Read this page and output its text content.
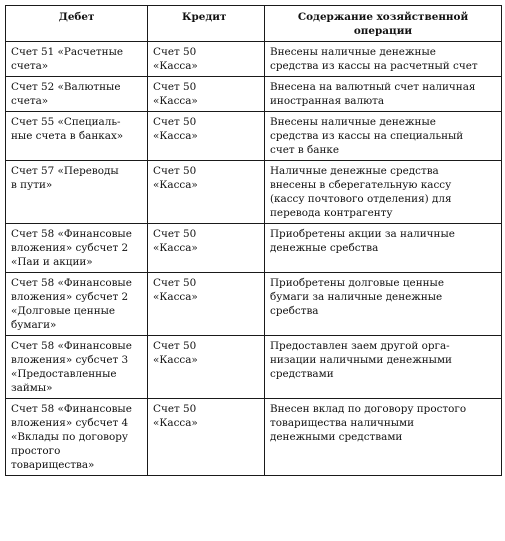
Дебет	Кредит	Содержание хозяйственной
операции
Счет 51 «Расчетные
счета»	Счет 50
«Касса»	Внесены наличные денежные
средства из кассы на расчетный счет
Счет 52 «Валютные
счета»	Счет 50
«Касса»	Внесена на валютный счет наличная
иностранная валюта
Счет 55 «Специаль-
ные счета в банках»	Счет 50
«Касса»	Внесены наличные денежные
средства из кассы на специальный
счет в банке
Счет 57 «Переводы
в пути»	Счет 50
«Касса»	Наличные денежные средства
внесены в сберегательную кассу
(кассу почтового отделения) для
перевода контрагенту
Счет 58 «Финансовые
вложения» субсчет 2
«Паи и акции»	Счет 50
«Касса»	Приобретены акции за наличные
денежные сребства
Счет 58 «Финансовые
вложения» субсчет 2
«Долговые ценные
бумаги»	Счет 50
«Касса»	Приобретены долговые ценные
бумаги за наличные денежные
сребства
Счет 58 «Финансовые
вложения» субсчет 3
«Предоставленные
займы»	Счет 50
«Касса»	Предоставлен заем другой орга-
низации наличными денежными
средствами
Счет 58 «Финансовые
вложения» субсчет 4
«Вклады по договору
простого
товарищества»	Счет 50
«Касса»	Внесен вклад по договору простого
товарищества наличными
денежными средствами
